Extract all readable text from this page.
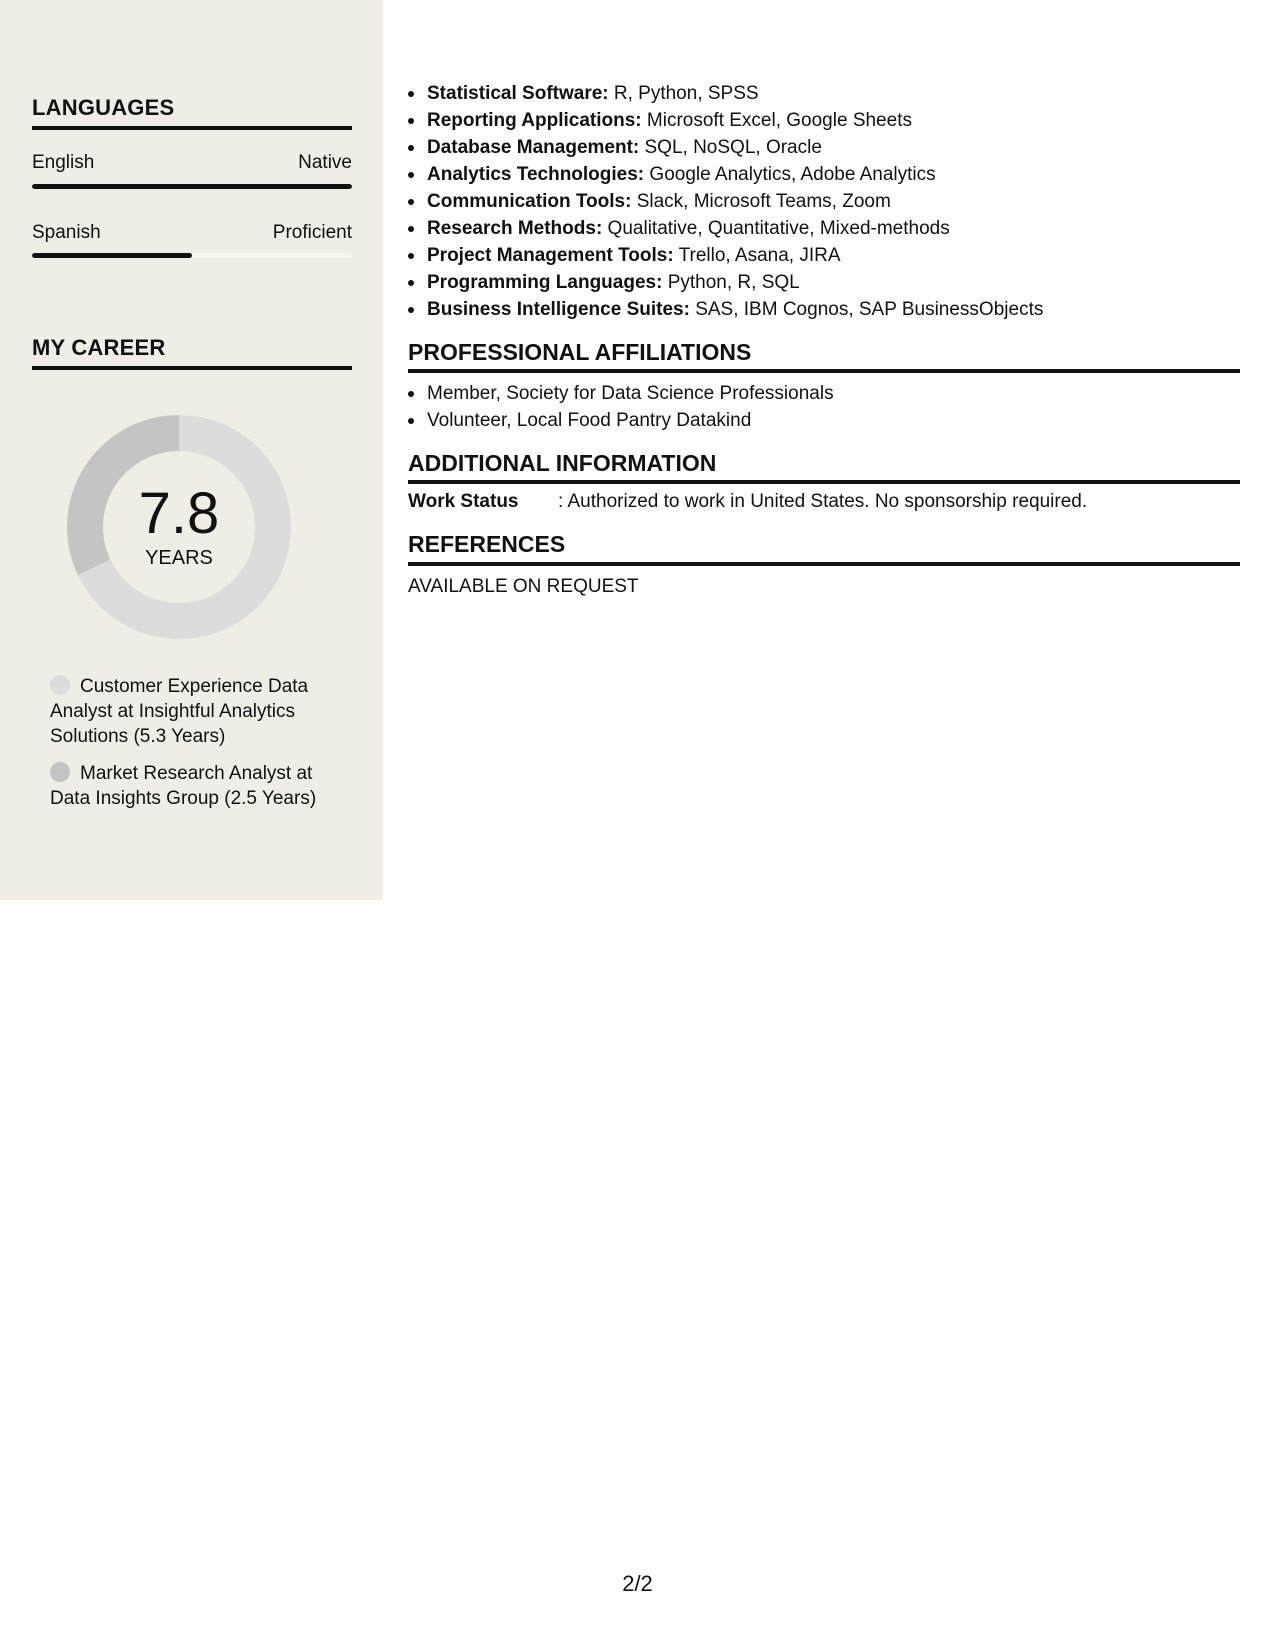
LANGUAGES
English	Native
Spanish	Proficient
MY CAREER
7.8
YEARS
Customer Experience Data Analyst at Insightful Analytics Solutions (5.3 Years)
Market Research Analyst at Data Insights Group (2.5 Years)
Statistical Software: R, Python, SPSS
Reporting Applications: Microsoft Excel, Google Sheets
Database Management: SQL, NoSQL, Oracle
Analytics Technologies: Google Analytics, Adobe Analytics
Communication Tools: Slack, Microsoft Teams, Zoom
Research Methods: Qualitative, Quantitative, Mixed-methods
Project Management Tools: Trello, Asana, JIRA
Programming Languages: Python, R, SQL
Business Intelligence Suites: SAS, IBM Cognos, SAP BusinessObjects
PROFESSIONAL AFFILIATIONS
Member, Society for Data Science Professionals
Volunteer, Local Food Pantry Datakind
ADDITIONAL INFORMATION
Work Status : Authorized to work in United States. No sponsorship required.
REFERENCES
AVAILABLE ON REQUEST
2/2
